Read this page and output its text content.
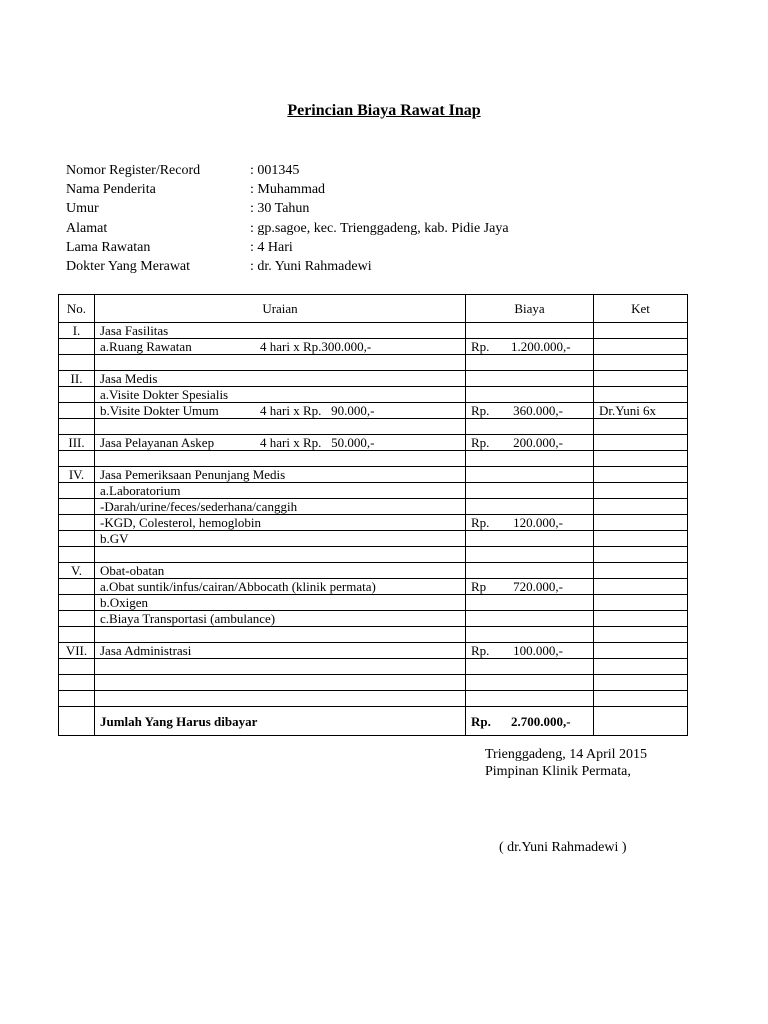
Perincian Biaya Rawat Inap
Nomor Register/Record	: 001345
Nama Penderita	: Muhammad
Umur	: 30 Tahun
Alamat	: gp.sagoe, kec. Trienggadeng, kab. Pidie Jaya
Lama Rawatan	: 4 Hari
Dokter Yang Merawat	: dr. Yuni Rahmadewi
No.	Uraian	Biaya	Ket
I.	Jasa Fasilitas		

	a.Ruang Rawatan 4 hari x Rp.300.000,-	Rp. 1.200.000,-	

II.	Jasa Medis		

	a.Visite Dokter Spesialis		

	b.Visite Dokter Umum 4 hari x Rp.   90.000,-	Rp. 360.000,-	Dr.Yuni 6x

III.	Jasa Pelayanan Askep 4 hari x Rp.   50.000,-	Rp. 200.000,-	

IV.	Jasa Pemeriksaan Penunjang Medis		

	a.Laboratorium		

	-Darah/urine/feces/sederhana/canggih		

	-KGD, Colesterol, hemoglobin	Rp. 120.000,-	

	b.GV		

V.	Obat-obatan		

	a.Obat suntik/infus/cairan/Abbocath (klinik permata)	Rp 720.000,-	

	b.Oxigen		

	c.Biaya Transportasi (ambulance)		

VII.	Jasa Administrasi	Rp. 100.000,-	

	Jumlah Yang Harus dibayar	Rp. 2.700.000,-	

Trienggadeng, 14 April 2015
Pimpinan Klinik Permata,
( dr.Yuni Rahmadewi )
